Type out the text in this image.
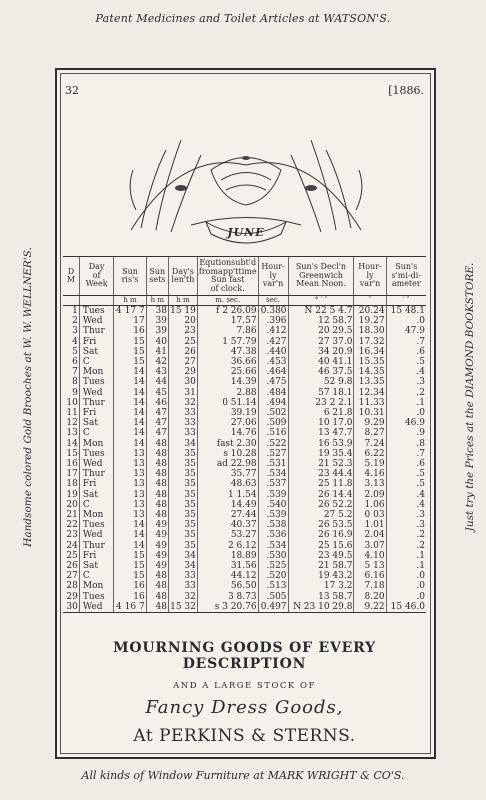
Patent Medicines and Toilet Articles at WATSON'S.
Handsome colored Gold Brooches at W. W. WELLNER'S.	Just try the Prices at the DIAMOND BOOKSTORE.
32	[1886.
JUNE
D
M	Day
of
Week	Sun
ris's	Sun
sets	Day's
len'th	Equtionsubt'd
fromapp'ttime
Sun fast
of clock.	Hour-
ly
var'n	Sun's Decl'n
Greenwich
Mean Noon.	Hour-
ly
var'n	Sun's
s'mi-di-
ameter
		h m	h m	h m	m. sec.	sec.	° ′ ″	″	′ ″
1	Tues	4 17 7	38	15 19	f 2 26.09	0.380	N 22 5 4.7	20.24	15 48.1
2	Wed	17	39	20	17.57	.396	12 58.7	19.27	.0
3	Thur	16	39	23	7.86	.412	20 29.5	18.30	47.9
4	Fri	15	40	25	1 57.79	.427	27 37.0	17.32	.7
5	Sat	15	41	26	47.38	.440	34 20.9	16.34	.6
6	C	15	42	27	36.66	.453	40 41.1	15.35	.5
7	Mon	14	43	29	25.66	.464	46 37.5	14.35	.4
8	Tues	14	44	30	14.39	.475	52 9.8	13.35	.3
9	Wed	14	45	31	2.88	.484	57 18.1	12.34	.2
10	Thur	14	46	32	0 51.14	.494	23 2 2.1	11.33	.1
11	Fri	14	47	33	39.19	.502	6 21.8	10.31	.0
12	Sat	14	47	33	27.06	.509	10 17.0	9.29	46.9
13	C	14	47	33	14.76	.516	13 47.7	8.27	.9
14	Mon	14	48	34	fast 2.30	.522	16 53.9	7.24	.8
15	Tues	13	48	35	s 10.28	.527	19 35.4	6.22	.7
16	Wed	13	48	35	ad 22.98	.531	21 52.3	5.19	.6
17	Thur	13	48	35	35.77	.534	23 44.4	4.16	.5
18	Fri	13	48	35	48.63	.537	25 11.8	3.13	.5
19	Sat	13	48	35	1 1.54	.539	26 14.4	2.09	.4
20	C	13	48	35	14.49	.540	26 52.2	1.06	.4
21	Mon	13	48	35	27.44	.539	27 5.2	0 03	.3
22	Tues	14	49	35	40.37	.538	26 53.5	1.01	.3
23	Wed	14	49	35	53.27	.536	26 16.9	2.04	.2
24	Thur	14	49	35	2 6.12	.534	25 15.6	3.07	.2
25	Fri	15	49	34	18.89	.530	23 49.5	4.10	.1
26	Sat	15	49	34	31.56	.525	21 58.7	5 13	.1
27	C	15	48	33	44.12	.520	19 43.2	6.16	.0
28	Mon	16	48	33	56.50	.513	17 3.2	7.18	.0
29	Tues	16	48	32	3 8.73	.505	13 58.7	8.20	.0
30	Wed	4 16 7	48	15 32	s 3 20.76	0.497	N 23 10 29.8	9.22	15 46.0
MOURNING GOODS OF EVERY DESCRIPTION
AND A LARGE STOCK OF
Fancy Dress Goods,
At PERKINS & STERNS.
All kinds of Window Furniture at MARK WRIGHT & CO'S.
